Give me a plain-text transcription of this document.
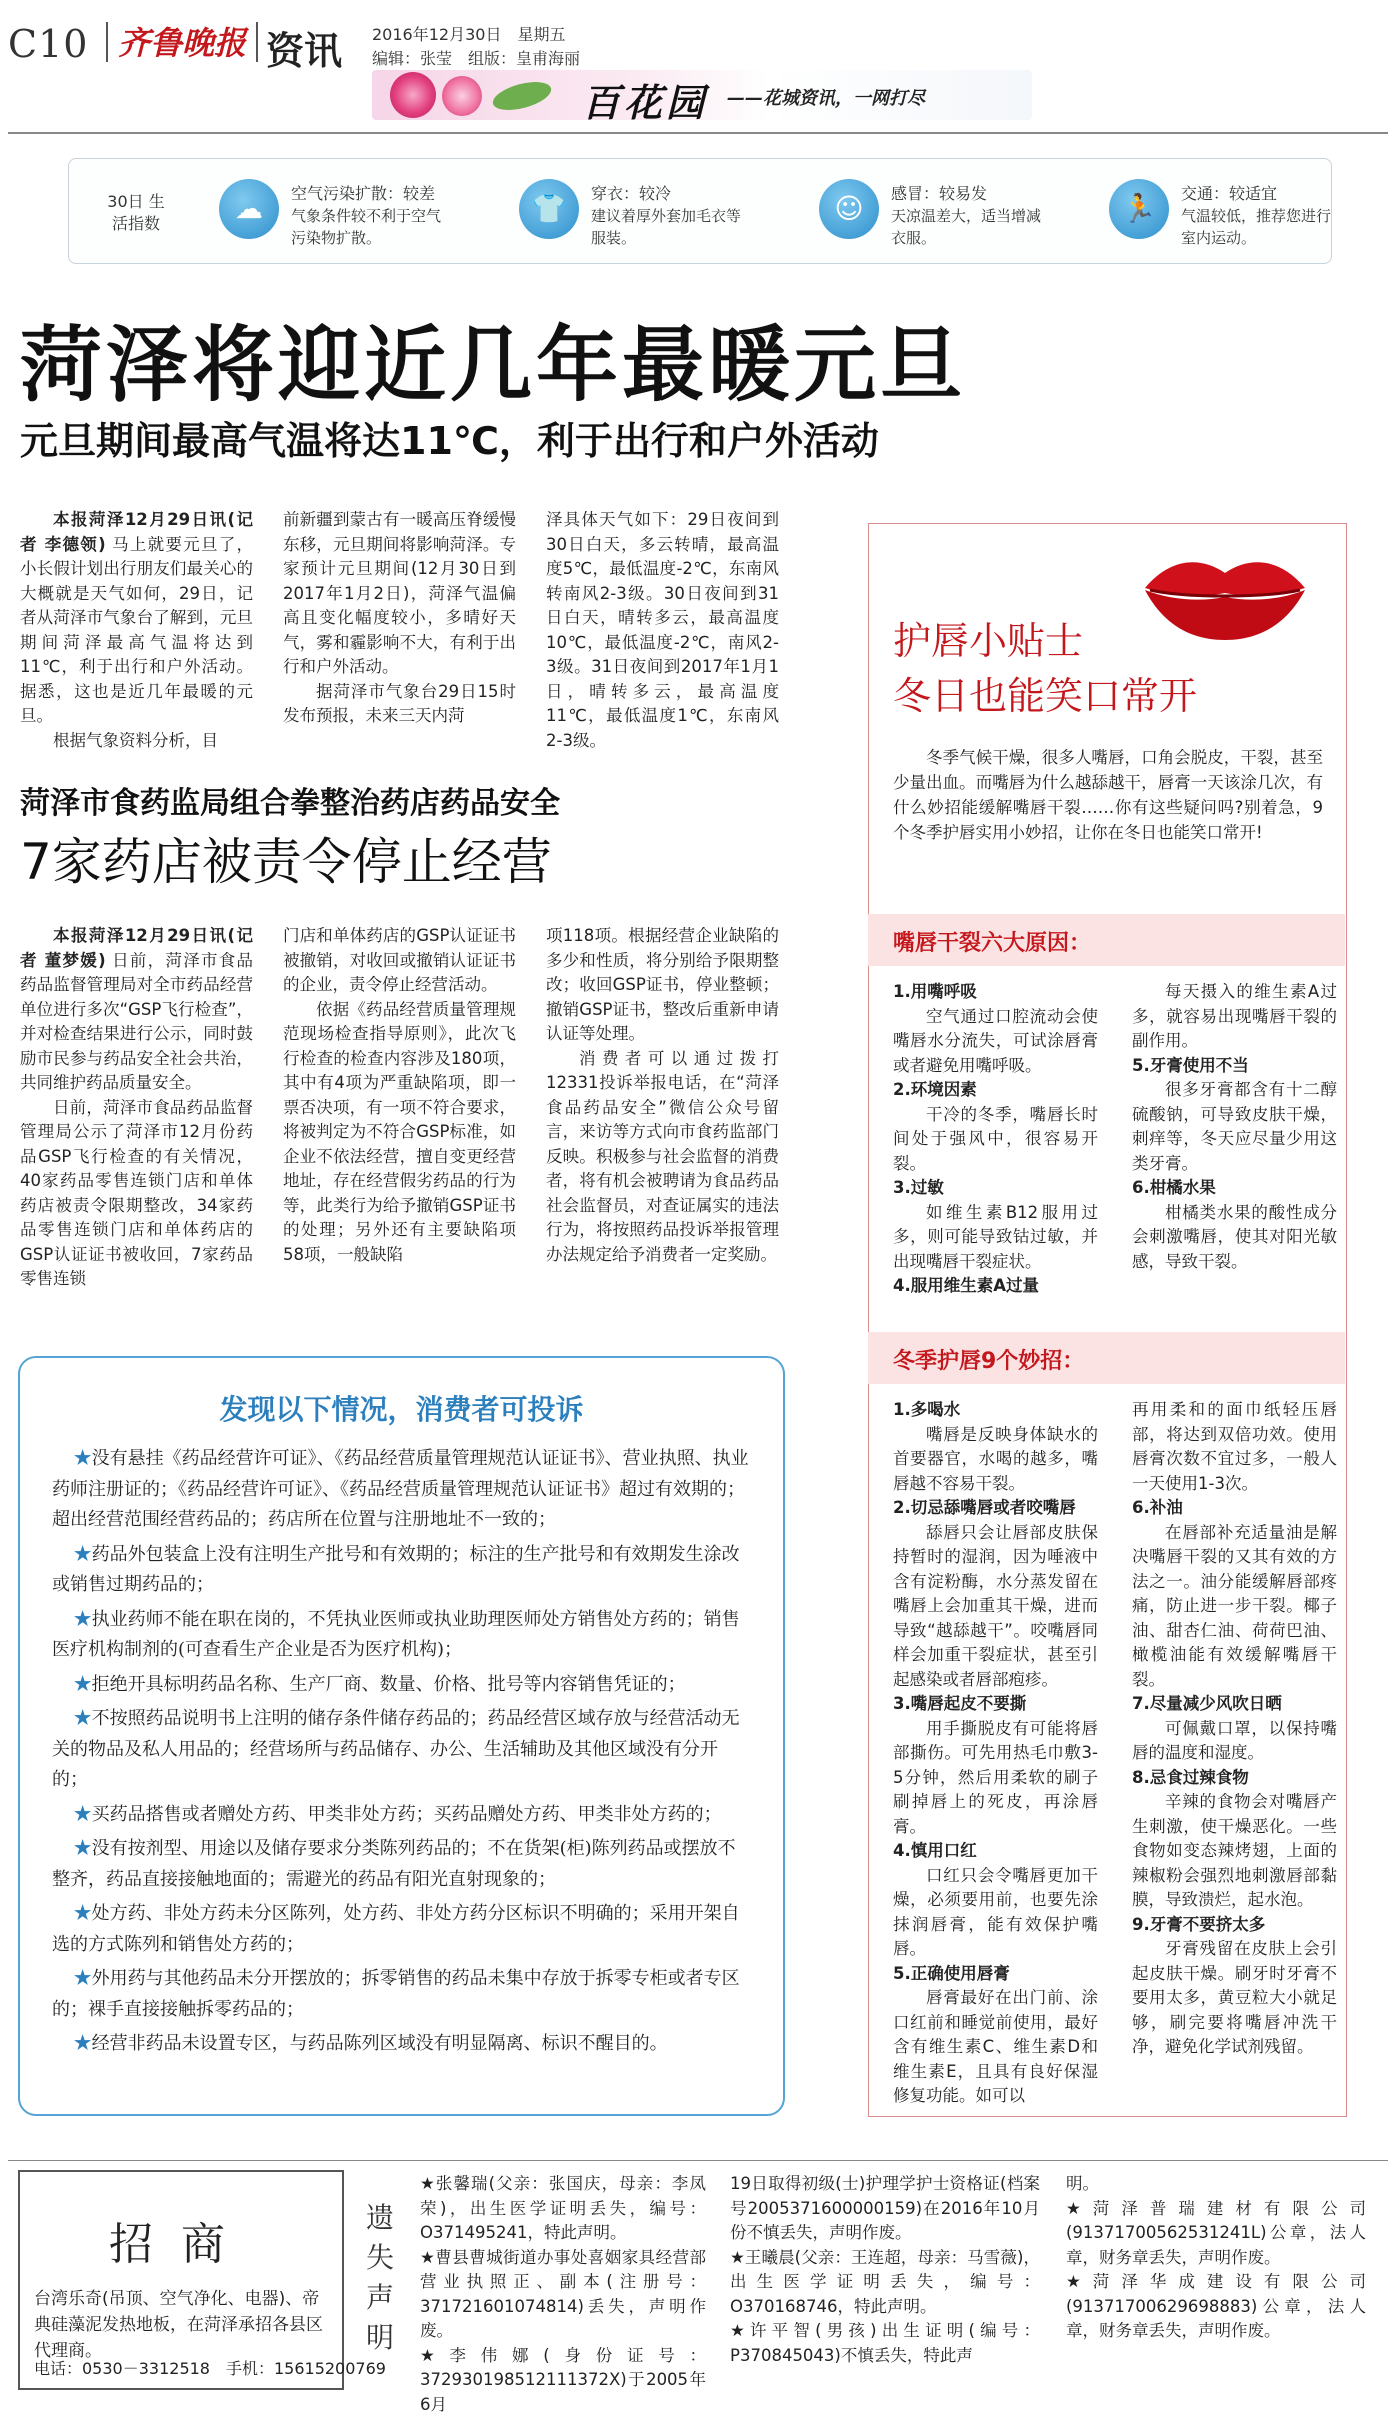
C10 齐鲁晚报 资讯 2016年12月30日　星期五
编辑：张莹　组版：皇甫海丽
百花园 ——花城资讯，一网打尽
30日 生活指数	☁	空气污染扩散：较差
气象条件较不利于空气污染物扩散。
👕	穿衣：较冷
建议着厚外套加毛衣等服装。
☺	感冒：较易发
天凉温差大，适当增减衣服。
🏃	交通：较适宜
气温较低，推荐您进行室内运动。
菏泽将迎近几年最暖元旦
元旦期间最高气温将达11℃，利于出行和户外活动

本报菏泽12月29日讯(记者 李德领) 马上就要元旦了，小长假计划出行朋友们最关心的大概就是天气如何，29日，记者从菏泽市气象台了解到，元旦期间菏泽最高气温将达到11℃，利于出行和户外活动。据悉，这也是近几年最暖的元旦。

根据气象资料分析，目

前新疆到蒙古有一暖高压脊缓慢东移，元旦期间将影响菏泽。专家预计元旦期间(12月30日到2017年1月2日)，菏泽气温偏高且变化幅度较小，多晴好天气，雾和霾影响不大，有利于出行和户外活动。

据菏泽市气象台29日15时发布预报，未来三天内菏

泽具体天气如下：29日夜间到30日白天，多云转晴，最高温度5℃，最低温度-2℃，东南风转南风2-3级。30日夜间到31日白天，晴转多云，最高温度10℃，最低温度-2℃，南风2-3级。31日夜间到2017年1月1日，晴转多云，最高温度11℃，最低温度1℃，东南风2-3级。

菏泽市食药监局组合拳整治药店药品安全
7家药店被责令停止经营

本报菏泽12月29日讯(记者 董梦媛) 日前，菏泽市食品药品监督管理局对全市药品经营单位进行多次“GSP飞行检查”，并对检查结果进行公示，同时鼓励市民参与药品安全社会共治，共同维护药品质量安全。

日前，菏泽市食品药品监督管理局公示了菏泽市12月份药品GSP飞行检查的有关情况，40家药品零售连锁门店和单体药店被责令限期整改，34家药品零售连锁门店和单体药店的GSP认证证书被收回，7家药品零售连锁

门店和单体药店的GSP认证证书被撤销，对收回或撤销认证证书的企业，责令停止经营活动。

依据《药品经营质量管理规范现场检查指导原则》，此次飞行检查的检查内容涉及180项，其中有4项为严重缺陷项，即一票否决项，有一项不符合要求，将被判定为不符合GSP标准，如企业不依法经营，擅自变更经营地址，存在经营假劣药品的行为等，此类行为给予撤销GSP证书的处理；另外还有主要缺陷项58项，一般缺陷

项118项。根据经营企业缺陷的多少和性质，将分别给予限期整改；收回GSP证书，停业整顿；撤销GSP证书，整改后重新申请认证等处理。

消费者可以通过拨打12331投诉举报电话，在“菏泽食品药品安全”微信公众号留言，来访等方式向市食药监部门反映。积极参与社会监督的消费者，将有机会被聘请为食品药品社会监督员，对查证属实的违法行为，将按照药品投诉举报管理办法规定给予消费者一定奖励。

发现以下情况，消费者可投诉

★没有悬挂《药品经营许可证》、《药品经营质量管理规范认证证书》、营业执照、执业药师注册证的；《药品经营许可证》、《药品经营质量管理规范认证证书》超过有效期的；超出经营范围经营药品的；药店所在位置与注册地址不一致的；

★药品外包装盒上没有注明生产批号和有效期的；标注的生产批号和有效期发生涂改或销售过期药品的；

★执业药师不能在职在岗的，不凭执业医师或执业助理医师处方销售处方药的；销售医疗机构制剂的(可查看生产企业是否为医疗机构)；

★拒绝开具标明药品名称、生产厂商、数量、价格、批号等内容销售凭证的；

★不按照药品说明书上注明的储存条件储存药品的；药品经营区域存放与经营活动无关的物品及私人用品的；经营场所与药品储存、办公、生活辅助及其他区域没有分开的；

★买药品搭售或者赠处方药、甲类非处方药；买药品赠处方药、甲类非处方药的；

★没有按剂型、用途以及储存要求分类陈列药品的；不在货架(柜)陈列药品或摆放不整齐，药品直接接触地面的；需避光的药品有阳光直射现象的；

★处方药、非处方药未分区陈列，处方药、非处方药分区标识不明确的；采用开架自选的方式陈列和销售处方药的；

★外用药与其他药品未分开摆放的；拆零销售的药品未集中存放于拆零专柜或者专区的；裸手直接接触拆零药品的；

★经营非药品未设置专区，与药品陈列区域没有明显隔离、标识不醒目的。

护唇小贴士
冬日也能笑口常开
冬季气候干燥，很多人嘴唇，口角会脱皮，干裂，甚至少量出血。而嘴唇为什么越舔越干，唇膏一天该涂几次，有什么妙招能缓解嘴唇干裂……你有这些疑问吗?别着急，9个冬季护唇实用小妙招，让你在冬日也能笑口常开!
嘴唇干裂六大原因：
1.用嘴呼吸

空气通过口腔流动会使嘴唇水分流失，可试涂唇膏或者避免用嘴呼吸。

2.环境因素

干冷的冬季，嘴唇长时间处于强风中，很容易开裂。

3.过敏

如维生素B12服用过多，则可能导致钴过敏，并出现嘴唇干裂症状。

4.服用维生素A过量

每天摄入的维生素A过多，就容易出现嘴唇干裂的副作用。

5.牙膏使用不当

很多牙膏都含有十二醇硫酸钠，可导致皮肤干燥，刺痒等，冬天应尽量少用这类牙膏。

6.柑橘水果

柑橘类水果的酸性成分会刺激嘴唇，使其对阳光敏感，导致干裂。

冬季护唇9个妙招：
1.多喝水

嘴唇是反映身体缺水的首要器官，水喝的越多，嘴唇越不容易干裂。

2.切忌舔嘴唇或者咬嘴唇

舔唇只会让唇部皮肤保持暂时的湿润，因为唾液中含有淀粉酶，水分蒸发留在嘴唇上会加重其干燥，进而导致“越舔越干”。咬嘴唇同样会加重干裂症状，甚至引起感染或者唇部疱疹。

3.嘴唇起皮不要撕

用手撕脱皮有可能将唇部撕伤。可先用热毛巾敷3-5分钟，然后用柔软的刷子刷掉唇上的死皮，再涂唇膏。

4.慎用口红

口红只会令嘴唇更加干燥，必须要用前，也要先涂抹润唇膏，能有效保护嘴唇。

5.正确使用唇膏

唇膏最好在出门前、涂口红前和睡觉前使用，最好含有维生素C、维生素D和维生素E，且具有良好保湿修复功能。如可以

再用柔和的面巾纸轻压唇部，将达到双倍功效。使用唇膏次数不宜过多，一般人一天使用1-3次。

6.补油

在唇部补充适量油是解决嘴唇干裂的又其有效的方法之一。油分能缓解唇部疼痛，防止进一步干裂。椰子油、甜杏仁油、荷荷巴油、橄榄油能有效缓解嘴唇干裂。

7.尽量减少风吹日晒

可佩戴口罩，以保持嘴唇的温度和湿度。

8.忌食过辣食物

辛辣的食物会对嘴唇产生刺激，使干燥恶化。一些食物如变态辣烤翅，上面的辣椒粉会强烈地刺激唇部黏膜，导致溃烂，起水泡。

9.牙膏不要挤太多

牙膏残留在皮肤上会引起皮肤干燥。刷牙时牙膏不要用太多，黄豆粒大小就足够，刷完要将嘴唇冲洗干净，避免化学试剂残留。

招商
台湾乐奇(吊顶、空气净化、电器)、帝典硅藻泥发热地板，在菏泽承招各县区代理商。
电话：0530－3312518　手机：15615200769
遗失声明

★张馨瑞(父亲：张国庆，母亲：李凤荣)，出生医学证明丢失，编号：O371495241，特此声明。

★曹县曹城街道办事处喜姻家具经营部营业执照正、副本(注册号：371721601074814)丢失，声明作废。

★李伟娜(身份证号：372930198512111372X)于2005年6月

19日取得初级(士)护理学护士资格证(档案号2005371600000159)在2016年10月份不慎丢失，声明作废。

★王曦晨(父亲：王连超，母亲：马雪薇)，出生医学证明丢失，编号：O370168746，特此声明。

★许平智(男孩)出生证明(编号：P370845043)不慎丢失，特此声

明。

★菏泽普瑞建材有限公司(91371700562531241L)公章，法人章，财务章丢失，声明作废。

★菏泽华成建设有限公司(91371700629698883)公章，法人章，财务章丢失，声明作废。
